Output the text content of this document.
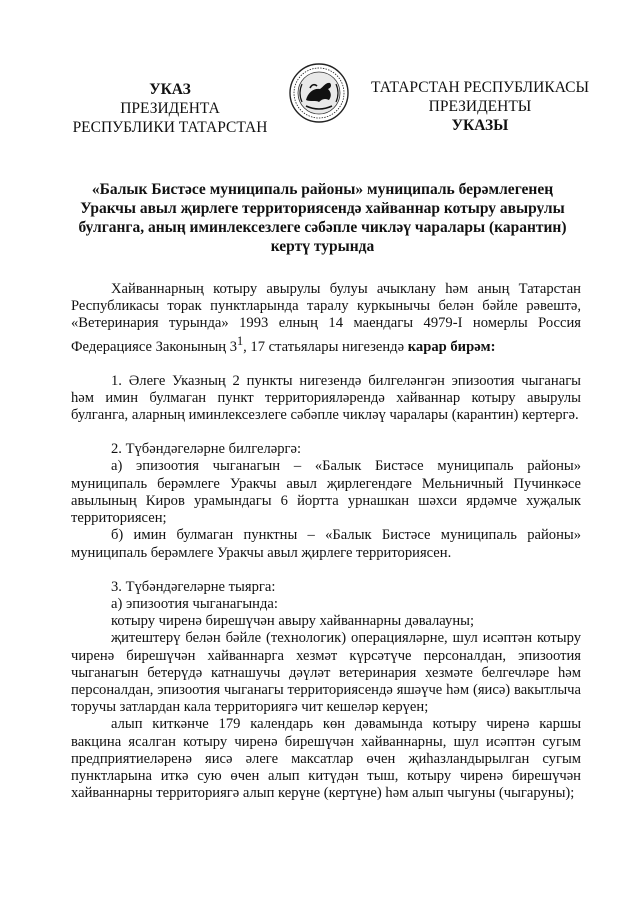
УКАЗ
ПРЕЗИДЕНТА
РЕСПУБЛИКИ ТАТАРСТАН
ТАТАРСТАН РЕСПУБЛИКАСЫ
ПРЕЗИДЕНТЫ
УКАЗЫ
«Балык Бистәсе муниципаль районы» муниципаль берәмлегенең
Уракчы авыл җирлеге территориясендә хайваннар котыру авырулы
булганга, аның иминлексезлеге сәбәпле чикләү чаралары (карантин)
кертү турында

Хайваннарның котыру авырулы булуы ачыклану һәм аның Татарстан Республикасы торак пунктларында таралу куркынычы белән бәйле рәвештә, «Ветеринария турында» 1993 елның 14 маендагы 4979-I номерлы Россия Федерациясе Законының $3^1$, 17 статьялары нигезендә карар бирәм:

1. Әлеге Указның 2 пункты нигезендә билгеләнгән эпизоотия чыганагы һәм имин булмаган пункт территорияләрендә хайваннар котыру авырулы булганга, аларның иминлексезлеге сәбәпле чикләү чаралары (карантин) кертергә.

2. Түбәндәгеләрне билгеләргә:

а) эпизоотия чыганагын – «Балык Бистәсе муниципаль районы» муниципаль берәмлеге Уракчы авыл җирлегендәге Мельничный Пучинкәсе авылының Киров урамындагы 6 йортта урнашкан шәхси ярдәмче хуҗалык территориясен;

б) имин булмаган пунктны – «Балык Бистәсе муниципаль районы» муниципаль берәмлеге Уракчы авыл җирлеге территориясен.

3. Түбәндәгеләрне тыярга:

а) эпизоотия чыганагында:

котыру чиренә бирешүчән авыру хайваннарны дәвалауны;

җитештерү белән бәйле (технологик) операцияләрне, шул исәптән котыру чиренә бирешүчән хайваннарга хезмәт күрсәтүче персоналдан, эпизоотия чыганагын бетерүдә катнашучы дәүләт ветеринария хезмәте белгечләре һәм персоналдан, эпизоотия чыганагы территориясендә яшәүче һәм (яисә) вакытлыча торучы затлардан кала территориягә чит кешеләр керүен;

алып киткәнче 179 календарь көн дәвамында котыру чиренә каршы вакцина ясалган котыру чиренә бирешүчән хайваннарны, шул исәптән сугым предприятиеләренә яисә әлеге максатлар өчен җиһазландырылган сугым пунктларына иткә сую өчен алып китүдән тыш, котыру чиренә бирешүчән хайваннарны территориягә алып керүне (кертүне) һәм алып чыгуны (чыгаруны);
